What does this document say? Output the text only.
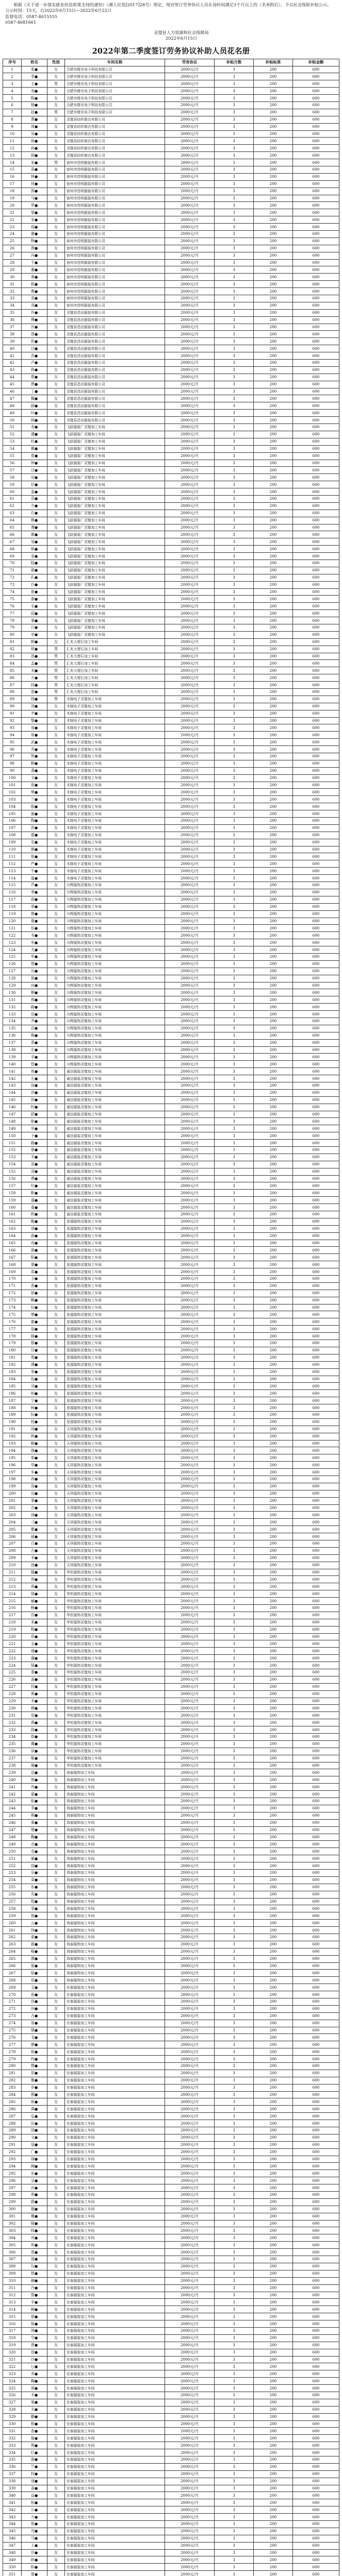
根据《关于进一步落实就业扶贫政策支持的通知》（湘人社发[2017]28号）规定，现对签订劳务协议人员在岗时间满足3个月以上的（名单附后），予以社会保险补贴公示。

公示时间：15天，自2022年6月15日—2022年6月22日
监督电话：0587-4615555
0587-4681661
灵璧县人力资源和社会保障局
2022年6月15日
2022年第二季度签订劳务协议补助人员花名册
序号	姓名	性别	车间名称	劳务协议	补贴月数	补贴标准	补贴金额
1	张●	女	合肥市橙光电子科技有限公司	2000元/月	3	200	600
2	李●	女	合肥市橙光电子科技有限公司	2000元/月	3	200	600
3	王●	男	合肥市橙光电子科技有限公司	2000元/月	3	200	600
4	刘●	女	合肥市橙光电子科技有限公司	2000元/月	3	200	600
5	陈●	女	合肥市橙光电子科技有限公司	2000元/月	3	200	600
6	杨●	女	合肥市橙光电子科技有限公司	2000元/月	3	200	600
7	赵●	男	合肥市橙光电子科技有限公司	2000元/月	3	200	600
8	黄●	女	灵璧县纺织制衣有限公司	2000元/月	3	200	600
9	周●	女	灵璧县纺织制衣有限公司	2000元/月	3	200	600
10	吴●	女	灵璧县纺织制衣有限公司	2000元/月	3	200	600
11	徐●	女	灵璧县纺织制衣有限公司	2000元/月	3	200	600
12	孙●	女	灵璧县纺织制衣有限公司	2000元/月	3	200	600
13	胡●	女	灵璧县纺织制衣有限公司	2000元/月	3	200	600
14	朱●	男	宿州市佳明服装有限公司	2000元/月	3	200	600
15	高●	女	宿州市佳明服装有限公司	2000元/月	3	200	600
16	林●	女	宿州市佳明服装有限公司	2000元/月	3	200	600
17	何●	女	宿州市佳明服装有限公司	2000元/月	3	200	600
18	郭●	女	宿州市佳明服装有限公司	2000元/月	3	200	600
19	马●	女	宿州市佳明服装有限公司	2000元/月	3	200	600
20	罗●	女	宿州市佳明服装有限公司	2000元/月	3	200	600
21	梁●	女	宿州市佳明服装有限公司	2000元/月	3	200	600
22	宋●	女	宿州市佳明服装有限公司	2000元/月	3	200	600
23	郑●	女	宿州市佳明服装有限公司	2000元/月	3	200	600
24	谢●	女	宿州市佳明服装有限公司	2000元/月	3	200	600
25	韩●	女	宿州市佳明服装有限公司	2000元/月	3	200	600
26	唐●	女	宿州市佳明服装有限公司	2000元/月	3	200	600
27	冯●	女	宿州市佳明服装有限公司	2000元/月	3	200	600
28	于●	女	宿州市佳明服装有限公司	2000元/月	3	200	600
29	董●	女	宿州市佳明服装有限公司	2000元/月	3	200	600
30	萧●	女	宿州市佳明服装有限公司	2000元/月	3	200	600
31	程●	女	宿州市佳明服装有限公司	2000元/月	3	200	600
32	曹●	女	宿州市佳明服装有限公司	2000元/月	3	200	600
33	袁●	女	宿州市佳明服装有限公司	2000元/月	3	200	600
34	邓●	女	宿州市佳明服装有限公司	2000元/月	3	200	600
35	许●	女	灵璧县昌达服装有限公司	2000元/月	3	200	600
36	傅●	女	灵璧县昌达服装有限公司	2000元/月	3	200	600
37	沈●	女	灵璧县昌达服装有限公司	2000元/月	3	200	600
38	曾●	女	灵璧县昌达服装有限公司	2000元/月	3	200	600
39	彭●	女	灵璧县昌达服装有限公司	2000元/月	3	200	600
40	吕●	女	灵璧县昌达服装有限公司	2000元/月	3	200	600
41	苏●	女	灵璧县昌达服装有限公司	2000元/月	3	200	600
42	卢●	女	灵璧县昌达服装有限公司	2000元/月	3	200	600
43	蒋●	女	灵璧县昌达服装有限公司	2000元/月	3	200	600
44	蔡●	女	灵璧县昌达服装有限公司	2000元/月	3	200	600
45	贾●	女	灵璧县昌达服装有限公司	2000元/月	3	200	600
46	丁●	女	灵璧县昌达服装有限公司	2000元/月	3	200	600
47	魏●	女	灵璧县昌达服装有限公司	2000元/月	3	200	600
48	薛●	女	灵璧县昌达服装有限公司	2000元/月	3	200	600
49	叶●	女	灵璧县昌达服装有限公司	2000元/月	3	200	600
50	阎●	女	灵璧县昌达服装有限公司	2000元/月	3	200	600
51	余●	女	飞跃服装厂灵璧加工车间	2000元/月	3	200	600
52	潘●	女	飞跃服装厂灵璧加工车间	2000元/月	3	200	600
53	杜●	女	飞跃服装厂灵璧加工车间	2000元/月	3	200	600
54	戴●	女	飞跃服装厂灵璧加工车间	2000元/月	3	200	600
55	夏●	女	飞跃服装厂灵璧加工车间	2000元/月	3	200	600
56	钟●	女	飞跃服装厂灵璧加工车间	2000元/月	3	200	600
57	汪●	女	飞跃服装厂灵璧加工车间	2000元/月	3	200	600
58	田●	女	飞跃服装厂灵璧加工车间	2000元/月	3	200	600
59	任●	女	飞跃服装厂灵璧加工车间	2000元/月	3	200	600
60	姜●	女	飞跃服装厂灵璧加工车间	2000元/月	3	200	600
61	范●	女	飞跃服装厂灵璧加工车间	2000元/月	3	200	600
62	方●	女	飞跃服装厂灵璧加工车间	2000元/月	3	200	600
63	石●	女	飞跃服装厂灵璧加工车间	2000元/月	3	200	600
64	姚●	女	飞跃服装厂灵璧加工车间	2000元/月	3	200	600
65	谭●	女	飞跃服装厂灵璧加工车间	2000元/月	3	200	600
66	廖●	女	飞跃服装厂灵璧加工车间	2000元/月	3	200	600
67	邹●	女	飞跃服装厂灵璧加工车间	2000元/月	3	200	600
68	熊●	女	飞跃服装厂灵璧加工车间	2000元/月	3	200	600
69	金●	女	飞跃服装厂灵璧加工车间	2000元/月	3	200	600
70	陆●	女	飞跃服装厂灵璧加工车间	2000元/月	3	200	600
71	郝●	女	飞跃服装厂灵璧加工车间	2000元/月	3	200	600
72	孔●	女	飞跃服装厂灵璧加工车间	2000元/月	3	200	600
73	白●	女	飞跃服装厂灵璧加工车间	2000元/月	3	200	600
74	崔●	女	飞跃服装厂灵璧加工车间	2000元/月	3	200	600
75	康●	女	飞跃服装厂灵璧加工车间	2000元/月	3	200	600
76	毛●	女	飞跃服装厂灵璧加工车间	2000元/月	3	200	600
77	邱●	女	飞跃服装厂灵璧加工车间	2000元/月	3	200	600
78	秦●	女	飞跃服装厂灵璧加工车间	2000元/月	3	200	600
79	江●	女	飞跃服装厂灵璧加工车间	2000元/月	3	200	600
80	史●	女	飞跃服装厂灵璧加工车间	2000元/月	3	200	600
81	顾●	女	汇兆大理石加工车间	2000元/月	3	200	600
82	侯●	男	汇兆大理石加工车间	2000元/月	3	200	600
83	邵●	男	汇兆大理石加工车间	2000元/月	3	200	600
84	孟●	男	汇兆大理石加工车间	2000元/月	3	200	600
85	龙●	男	汇兆大理石加工车间	2000元/月	3	200	600
86	万●	男	汇兆大理石加工车间	2000元/月	3	200	600
87	段●	男	汇兆大理石加工车间	2000元/月	3	200	600
88	雷●	男	汇兆大理石加工车间	2000元/月	3	200	600
89	钱●	男	木制电子灵璧加工车间	2000元/月	3	200	600
90	汤●	女	木制电子灵璧加工车间	2000元/月	3	200	600
91	尹●	女	木制电子灵璧加工车间	2000元/月	3	200	600
92	黎●	女	木制电子灵璧加工车间	2000元/月	3	200	600
93	易●	女	木制电子灵璧加工车间	2000元/月	3	200	600
94	常●	女	木制电子灵璧加工车间	2000元/月	3	200	600
95	武●	女	木制电子灵璧加工车间	2000元/月	3	200	600
96	乔●	女	木制电子灵璧加工车间	2000元/月	3	200	600
97	贺●	女	木制电子灵璧加工车间	2000元/月	3	200	600
98	赖●	女	木制电子灵璧加工车间	2000元/月	3	200	600
99	龚●	女	木制电子灵璧加工车间	2000元/月	3	200	600
100	文●	女	木制电子灵璧加工车间	2000元/月	3	200	600
101	庞●	女	木制电子灵璧加工车间	2000元/月	3	200	600
102	樊●	女	木制电子灵璧加工车间	2000元/月	3	200	600
103	兰●	女	木制电子灵璧加工车间	2000元/月	3	200	600
104	殷●	女	木制电子灵璧加工车间	2000元/月	3	200	600
105	施●	女	木制电子灵璧加工车间	2000元/月	3	200	600
106	陶●	女	木制电子灵璧加工车间	2000元/月	3	200	600
107	洪●	女	木制电子灵璧加工车间	2000元/月	3	200	600
108	翟●	女	木制电子灵璧加工车间	2000元/月	3	200	600
109	安●	女	木制电子灵璧加工车间	2000元/月	3	200	600
110	颜●	女	木制电子灵璧加工车间	2000元/月	3	200	600
111	倪●	女	木制电子灵璧加工车间	2000元/月	3	200	600
112	严●	女	木制电子灵璧加工车间	2000元/月	3	200	600
113	牛●	女	木制电子灵璧加工车间	2000元/月	3	200	600
114	温●	女	木制电子灵璧加工车间	2000元/月	3	200	600
115	芦●	女	川辉服饰灵璧加工车间	2000元/月	3	200	600
116	季●	女	川辉服饰灵璧加工车间	2000元/月	3	200	600
117	俞●	女	川辉服饰灵璧加工车间	2000元/月	3	200	600
118	章●	女	川辉服饰灵璧加工车间	2000元/月	3	200	600
119	鲁●	女	川辉服饰灵璧加工车间	2000元/月	3	200	600
120	葛●	女	川辉服饰灵璧加工车间	2000元/月	3	200	600
121	伍●	女	川辉服饰灵璧加工车间	2000元/月	3	200	600
122	韦●	女	川辉服饰灵璧加工车间	2000元/月	3	200	600
123	申●	女	川辉服饰灵璧加工车间	2000元/月	3	200	600
124	尤●	女	川辉服饰灵璧加工车间	2000元/月	3	200	600
125	毕●	女	川辉服饰灵璧加工车间	2000元/月	3	200	600
126	聂●	女	川辉服饰灵璧加工车间	2000元/月	3	200	600
127	丛●	女	川辉服饰灵璧加工车间	2000元/月	3	200	600
128	焦●	女	川辉服饰灵璧加工车间	2000元/月	3	200	600
129	向●	女	川辉服饰灵璧加工车间	2000元/月	3	200	600
130	柳●	女	川辉服饰灵璧加工车间	2000元/月	3	200	600
131	邢●	女	川辉服饰灵璧加工车间	2000元/月	3	200	600
132	路●	女	川辉服饰灵璧加工车间	2000元/月	3	200	600
133	岳●	女	川辉服饰灵璧加工车间	2000元/月	3	200	600
134	齐●	女	川辉服饰灵璧加工车间	2000元/月	3	200	600
135	沿●	女	川辉服饰灵璧加工车间	2000元/月	3	200	600
136	梅●	女	川辉服饰灵璧加工车间	2000元/月	3	200	600
137	莫●	女	川辉服饰灵璧加工车间	2000元/月	3	200	600
138	庄●	女	川辉服饰灵璧加工车间	2000元/月	3	200	600
139	辛●	女	川辉服饰灵璧加工车间	2000元/月	3	200	600
140	管●	女	川辉服饰灵璧加工车间	2000元/月	3	200	600
141	祝●	女	诚达服装灵璧加工车间	2000元/月	3	200	600
142	左●	女	诚达服装灵璧加工车间	2000元/月	3	200	600
143	涂●	女	诚达服装灵璧加工车间	2000元/月	3	200	600
144	谷●	女	诚达服装灵璧加工车间	2000元/月	3	200	600
145	祁●	女	诚达服装灵璧加工车间	2000元/月	3	200	600
146	时●	女	诚达服装灵璧加工车间	2000元/月	3	200	600
147	舒●	女	诚达服装灵璧加工车间	2000元/月	3	200	600
148	耿●	女	诚达服装灵璧加工车间	2000元/月	3	200	600
149	牟●	女	诚达服装灵璧加工车间	2000元/月	3	200	600
150	卜●	女	诚达服装灵璧加工车间	2000元/月	3	200	600
151	路●	女	诚达服装灵璧加工车间	2000元/月	3	200	600
152	詹●	女	诚达服装灵璧加工车间	2000元/月	3	200	600
153	关●	女	诚达服装灵璧加工车间	2000元/月	3	200	600
154	苗●	女	诚达服装灵璧加工车间	2000元/月	3	200	600
155	凌●	女	诚达服装灵璧加工车间	2000元/月	3	200	600
156	费●	女	诚达服装灵璧加工车间	2000元/月	3	200	600
157	纪●	女	诚达服装灵璧加工车间	2000元/月	3	200	600
158	靳●	女	诚达服装灵璧加工车间	2000元/月	3	200	600
159	盛●	女	诚达服装灵璧加工车间	2000元/月	3	200	600
160	童●	女	诚达服装灵璧加工车间	2000元/月	3	200	600
161	欧●	女	诚达服装灵璧加工车间	2000元/月	3	200	600
162	甄●	女	思源服饰灵璧加工车间	2000元/月	3	200	600
163	项●	女	思源服饰灵璧加工车间	2000元/月	3	200	600
164	曲●	女	思源服饰灵璧加工车间	2000元/月	3	200	600
165	成●	女	思源服饰灵璧加工车间	2000元/月	3	200	600
166	游●	女	思源服饰灵璧加工车间	2000元/月	3	200	600
167	阳●	女	思源服饰灵璧加工车间	2000元/月	3	200	600
168	裴●	女	思源服饰灵璧加工车间	2000元/月	3	200	600
169	席●	女	思源服饰灵璧加工车间	2000元/月	3	200	600
170	卫●	女	思源服饰灵璧加工车间	2000元/月	3	200	600
171	查●	女	思源服饰灵璧加工车间	2000元/月	3	200	600
172	屈●	女	思源服饰灵璧加工车间	2000元/月	3	200	600
173	鲍●	女	思源服饰灵璧加工车间	2000元/月	3	200	600
174	位●	女	思源服饰灵璧加工车间	2000元/月	3	200	600
175	覃●	女	思源服饰灵璧加工车间	2000元/月	3	200	600
176	霍●	女	思源服饰灵璧加工车间	2000元/月	3	200	600
177	翁●	女	思源服饰灵璧加工车间	2000元/月	3	200	600
178	隋●	女	思源服饰灵璧加工车间	2000元/月	3	200	600
179	植●	女	思源服饰灵璧加工车间	2000元/月	3	200	600
180	甘●	女	思源服饰灵璧加工车间	2000元/月	3	200	600
181	景●	女	思源服饰灵璧加工车间	2000元/月	3	200	600
182	薄●	女	思源服饰灵璧加工车间	2000元/月	3	200	600
183	单●	女	思源服饰灵璧加工车间	2000元/月	3	200	600
184	包●	女	思源服饰灵璧加工车间	2000元/月	3	200	600
185	司●	女	思源服饰灵璧加工车间	2000元/月	3	200	600
186	柏●	女	思源服饰灵璧加工车间	2000元/月	3	200	600
187	宁●	女	思源服饰灵璧加工车间	2000元/月	3	200	600
188	柯●	女	思源服饰灵璧加工车间	2000元/月	3	200	600
189	阮●	女	思源服饰灵璧加工车间	2000元/月	3	200	600
190	桂●	女	思源服饰灵璧加工车间	2000元/月	3	200	600
191	闵●	女	天祥服饰灵璧加工车间	2000元/月	3	200	600
192	欧●	女	天祥服饰灵璧加工车间	2000元/月	3	200	600
193	解●	女	天祥服饰灵璧加工车间	2000元/月	3	200	600
194	强●	女	天祥服饰灵璧加工车间	2000元/月	3	200	600
195	柴●	女	天祥服饰灵璧加工车间	2000元/月	3	200	600
196	华●	女	天祥服饰灵璧加工车间	2000元/月	3	200	600
197	车●	女	天祥服饰灵璧加工车间	2000元/月	3	200	600
198	冉●	女	天祥服饰灵璧加工车间	2000元/月	3	200	600
199	房●	女	天祥服饰灵璧加工车间	2000元/月	3	200	600
200	边●	女	天祥服饰灵璧加工车间	2000元/月	3	200	600
201	辜●	女	天祥服饰灵璧加工车间	2000元/月	3	200	600
202	吉●	女	天祥服饰灵璧加工车间	2000元/月	3	200	600
203	饶●	女	天祥服饰灵璧加工车间	2000元/月	3	200	600
204	刁●	女	天祥服饰灵璧加工车间	2000元/月	3	200	600
205	瞿●	女	天祥服饰灵璧加工车间	2000元/月	3	200	600
206	戚●	女	天祥服饰灵璧加工车间	2000元/月	3	200	600
207	丘●	女	天祥服饰灵璧加工车间	2000元/月	3	200	600
208	古●	女	天祥服饰灵璧加工车间	2000元/月	3	200	600
209	米●	女	天祥服饰灵璧加工车间	2000元/月	3	200	600
210	池●	女	天祥服饰灵璧加工车间	2000元/月	3	200	600
211	滕●	女	华钦服饰灵璧加工车间	2000元/月	3	200	600
212	晋●	女	华钦服饰灵璧加工车间	2000元/月	3	200	600
213	苑●	女	华钦服饰灵璧加工车间	2000元/月	3	200	600
214	邬●	女	华钦服饰灵璧加工车间	2000元/月	3	200	600
215	臧●	女	华钦服饰灵璧加工车间	2000元/月	3	200	600
216	畅●	女	华钦服饰灵璧加工车间	2000元/月	3	200	600
217	宫●	女	华钦服饰灵璧加工车间	2000元/月	3	200	600
218	来●	女	华钦服饰灵璧加工车间	2000元/月	3	200	600
219	嵇●	女	华钦服饰灵璧加工车间	2000元/月	3	200	600
220	苟●	女	华钦服饰灵璧加工车间	2000元/月	3	200	600
221	全●	女	华钦服饰灵璧加工车间	2000元/月	3	200	600
222	褚●	女	华钦服饰灵璧加工车间	2000元/月	3	200	600
223	廉●	女	华钦服饰灵璧加工车间	2000元/月	3	200	600
224	简●	女	华钦服饰灵璧加工车间	2000元/月	3	200	600
225	娄●	女	华钦服饰灵璧加工车间	2000元/月	3	200	600
226	盖●	女	华钦服饰灵璧加工车间	2000元/月	3	200	600
227	符●	女	华钦服饰灵璧加工车间	2000元/月	3	200	600
228	奚●	女	华钦服饰灵璧加工车间	2000元/月	3	200	600
229	木●	女	华钦服饰灵璧加工车间	2000元/月	3	200	600
230	穆●	女	华钦服饰灵璧加工车间	2000元/月	3	200	600
231	党●	女	华钦服饰灵璧加工车间	2000元/月	3	200	600
232	燕●	女	华钦服饰灵璧加工车间	2000元/月	3	200	600
233	郎●	女	华钦服饰灵璧加工车间	2000元/月	3	200	600
234	邸●	女	华钦服饰灵璧加工车间	2000元/月	3	200	600
235	冀●	女	华钦服饰灵璧加工车间	2000元/月	3	200	600
236	谈●	女	华钦服饰灵璧加工车间	2000元/月	3	200	600
237	姬●	女	华钦服饰灵璧加工车间	2000元/月	3	200	600
238	屠●	女	华钦服饰灵璧加工车间	2000元/月	3	200	600
239	连●	女	鸿泰服饰加工车间	2000元/月	3	200	600
240	郜●	女	鸿泰服饰加工车间	2000元/月	3	200	600
241	巩●	女	鸿泰服饰加工车间	2000元/月	3	200	600
242	蒙●	女	鸿泰服饰加工车间	2000元/月	3	200	600
243	拓●	女	鸿泰服饰加工车间	2000元/月	3	200	600
244	幸●	女	鸿泰服饰加工车间	2000元/月	3	200	600
245	荆●	女	鸿泰服饰加工车间	2000元/月	3	200	600
246	桑●	女	鸿泰服饰加工车间	2000元/月	3	200	600
247	楚●	女	鸿泰服饰加工车间	2000元/月	3	200	600
248	鞠●	女	鸿泰服饰加工车间	2000元/月	3	200	600
249	衣●	女	鸿泰服饰加工车间	2000元/月	3	200	600
250	卓●	女	鸿泰服饰加工车间	2000元/月	3	200	600
251	蔺●	女	鸿泰服饰加工车间	2000元/月	3	200	600
252	国●	女	鸿泰服饰加工车间	2000元/月	3	200	600
253	宗●	女	鸿泰服饰加工车间	2000元/月	3	200	600
254	栾●	女	鸿泰服饰加工车间	2000元/月	3	200	600
255	东●	女	鸿泰服饰加工车间	2000元/月	3	200	600
256	充●	女	鸿泰服饰加工车间	2000元/月	3	200	600
257	敖●	女	鸿泰服饰加工车间	2000元/月	3	200	600
258	荣●	女	鸿泰服饰加工车间	2000元/月	3	200	600
259	那●	女	鸿泰服饰加工车间	2000元/月	3	200	600
260	云●	女	鸿泰服饰加工车间	2000元/月	3	200	600
261	侍●	女	鸿泰服饰加工车间	2000元/月	3	200	600
262	索●	女	鸿泰服饰加工车间	2000元/月	3	200	600
263	扈●	女	鸿泰服饰加工车间	2000元/月	3	200	600
264	喻●	女	鸿泰服饰加工车间	2000元/月	3	200	600
265	濮●	女	鸿泰服饰加工车间	2000元/月	3	200	600
266	晏●	女	鸿泰服饰加工车间	2000元/月	3	200	600
267	钮●	女	鸿泰服饰加工车间	2000元/月	3	200	600
268	宦●	女	鸿泰服饰加工车间	2000元/月	3	200	600
269	艾●	女	宏泰服装加工车间	2000元/月	3	200	600
270	鱼●	女	宏泰服装加工车间	2000元/月	3	200	600
271	容●	女	宏泰服装加工车间	2000元/月	3	200	600
272	向●	女	宏泰服装加工车间	2000元/月	3	200	600
273	古●	女	宏泰服装加工车间	2000元/月	3	200	600
274	易●	女	宏泰服装加工车间	2000元/月	3	200	600
275	慎●	女	宏泰服装加工车间	2000元/月	3	200	600
276	戈●	女	宏泰服装加工车间	2000元/月	3	200	600
277	廖●	女	宏泰服装加工车间	2000元/月	3	200	600
278	庾●	女	宏泰服装加工车间	2000元/月	3	200	600
279	终●	女	宏泰服装加工车间	2000元/月	3	200	600
280	暨●	女	宏泰服装加工车间	2000元/月	3	200	600
281	居●	女	宏泰服装加工车间	2000元/月	3	200	600
282	衡●	女	宏泰服装加工车间	2000元/月	3	200	600
283	步●	女	宏泰服装加工车间	2000元/月	3	200	600
284	都●	女	宏泰服装加工车间	2000元/月	3	200	600
285	耿●	女	宏泰服装加工车间	2000元/月	3	200	600
286	满●	女	宏泰服装加工车间	2000元/月	3	200	600
287	弘●	女	宏泰服装加工车间	2000元/月	3	200	600
288	匡●	女	宏泰服装加工车间	2000元/月	3	200	600
289	国●	女	宏泰服装加工车间	2000元/月	3	200	600
290	文●	女	宏泰服装加工车间	2000元/月	3	200	600
291	寇●	女	宏泰服装加工车间	2000元/月	3	200	600
292	广●	女	宏泰服装加工车间	2000元/月	3	200	600
293	禄●	女	宏泰服装加工车间	2000元/月	3	200	600
294	阙●	女	宏泰服装加工车间	2000元/月	3	200	600
295	东●	女	宏泰服装加工车间	2000元/月	3	200	600
296	殳●	女	宏泰服装加工车间	2000元/月	3	200	600
297	沃●	女	宏泰服装加工车间	2000元/月	3	200	600
298	利●	女	宏泰服装加工车间	2000元/月	3	200	600
299	蔚●	女	宏泰服装加工车间	2000元/月	3	200	600
300	越●	女	宏泰服装加工车间	2000元/月	3	200	600
301	夔●	女	宏泰服装加工车间	2000元/月	3	200	600
302	隆●	女	宏泰服装加工车间	2000元/月	3	200	600
303	师●	女	宏泰服装加工车间	2000元/月	3	200	600
304	巩●	女	宏泰服装加工车间	2000元/月	3	200	600
305	厍●	女	宏泰服装加工车间	2000元/月	3	200	600
306	聂●	女	宏泰服装加工车间	2000元/月	3	200	600
307	晁●	女	宏泰服装加工车间	2000元/月	3	200	600
308	勾●	女	宏泰服装加工车间	2000元/月	3	200	600
309	敖●	女	宏泰服装加工车间	2000元/月	3	200	600
310	融●	女	宏泰服装加工车间	2000元/月	3	200	600
311	冷●	女	宏泰服装加工车间	2000元/月	3	200	600
312	訾●	女	宏泰服装加工车间	2000元/月	3	200	600
313	辛●	女	宏泰服装加工车间	2000元/月	3	200	600
314	阚●	女	宏泰服装加工车间	2000元/月	3	200	600
315	那●	女	宏泰服装加工车间	2000元/月	3	200	600
316	简●	女	宏泰服装加工车间	2000元/月	3	200	600
317	饶●	女	宏泰服装加工车间	2000元/月	3	200	600
318	空●	女	宏泰服装加工车间	2000元/月	3	200	600
319	曾●	女	宏泰服装加工车间	2000元/月	3	200	600
320	毋●	女	宏泰服装加工车间	2000元/月	3	200	600
321	沙●	女	宏泰服装加工车间	2000元/月	3	200	600
322	乜●	女	宏泰服装加工车间	2000元/月	3	200	600
323	养●	女	宏泰服装加工车间	2000元/月	3	200	600
324	鞠●	女	宏泰服装加工车间	2000元/月	3	200	600
325	须●	女	宏泰服装加工车间	2000元/月	3	200	600
326	丰●	女	宏泰服装加工车间	2000元/月	3	200	600
327	巢●	女	宏泰服装加工车间	2000元/月	3	200	600
328	关●	女	宏泰服装加工车间	2000元/月	3	200	600
329	蒯●	女	宏泰服装加工车间	2000元/月	3	200	600
330	相●	女	宏泰服装加工车间	2000元/月	3	200	600
331	查●	女	宏泰服装加工车间	2000元/月	3	200	600
332	後●	女	宏泰服装加工车间	2000元/月	3	200	600
333	荆●	女	宏泰服装加工车间	2000元/月	3	200	600
334	红●	女	宏泰服装加工车间	2000元/月	3	200	600
335	游●	女	宏泰服装加工车间	2000元/月	3	200	600
336	竺●	女	宏泰服装加工车间	2000元/月	3	200	600
337	权●	女	宏泰服装加工车间	2000元/月	3	200	600
338	逯●	女	宏泰服装加工车间	2000元/月	3	200	600
339	盖●	女	宏泰服装加工车间	2000元/月	3	200	600
340	益●	女	宏泰服装加工车间	2000元/月	3	200	600
341	桓●	女	宏泰服装加工车间	2000元/月	3	200	600
342	公●	女	宏泰服装加工车间	2000元/月	3	200	600
343	万●	女	宏泰服装加工车间	2000元/月	3	200	600
344	俟●	女	宏泰服装加工车间	2000元/月	3	200	600
345	司●	女	宏泰服装加工车间	2000元/月	3	200	600
346	马●	女	宏泰服装加工车间	2000元/月	3	200	600
347	上●	女	宏泰服装加工车间	2000元/月	3	200	600
348	官●	女	宏泰服装加工车间	2000元/月	3	200	600
349	欧●	女	宏泰服装加工车间	2000元/月	3	200	600
350	阳●	女	宏泰服装加工车间	2000元/月	3	200	600
351	夏●	女	宏泰服装加工车间	2000元/月	3	200	600
